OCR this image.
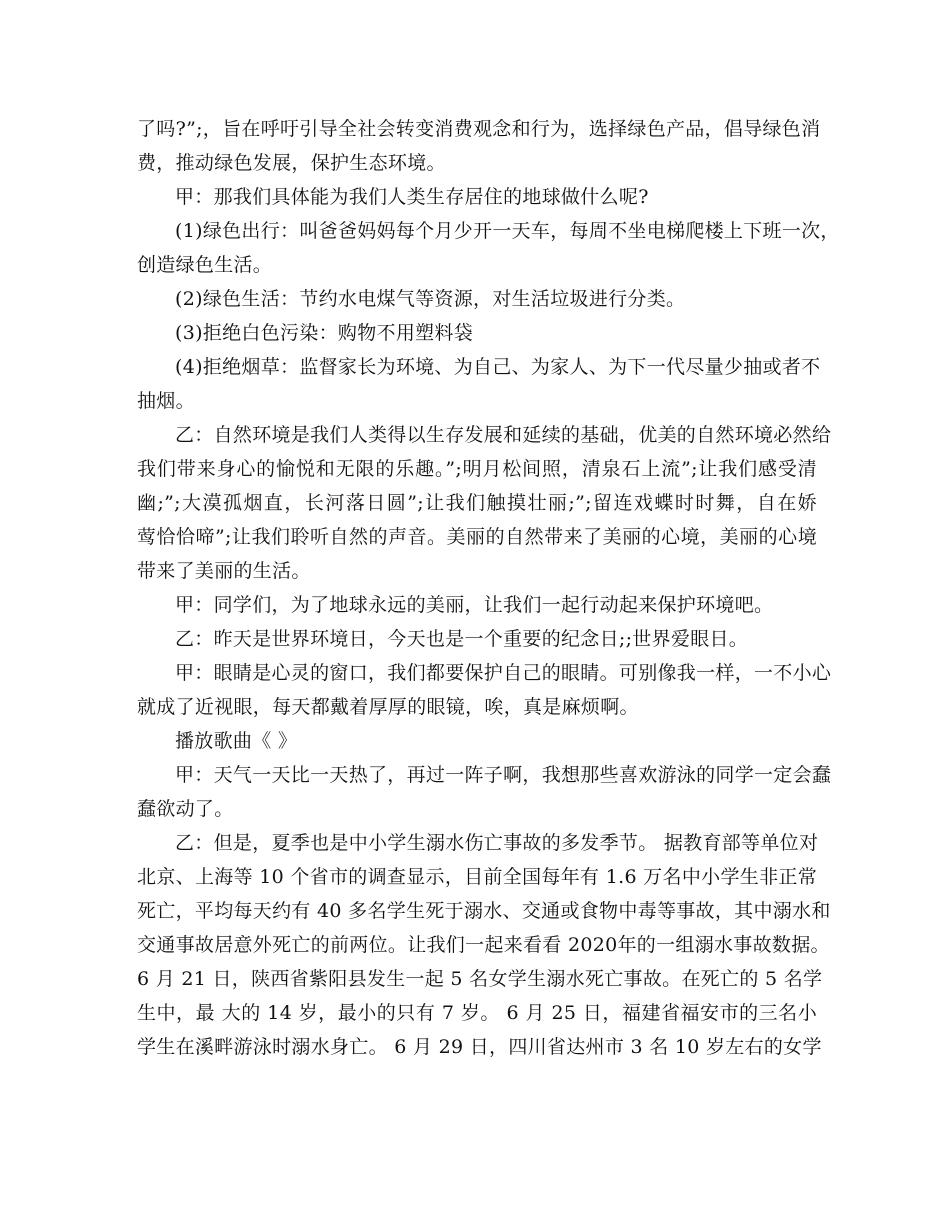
了吗?”;，旨在呼吁引导全社会转变消费观念和行为，选择绿色产品，倡导绿色消
费，推动绿色发展，保护生态环境。
甲：那我们具体能为我们人类生存居住的地球做什么呢?
(1)绿色出行：叫爸爸妈妈每个月少开一天车，每周不坐电梯爬楼上下班一次，
创造绿色生活。
(2)绿色生活：节约水电煤气等资源，对生活垃圾进行分类。
(3)拒绝白色污染：购物不用塑料袋
(4)拒绝烟草：监督家长为环境、为自己、为家人、为下一代尽量少抽或者不
抽烟。
乙：自然环境是我们人类得以生存发展和延续的基础，优美的自然环境必然给
我们带来身心的愉悦和无限的乐趣。”;明月松间照，清泉石上流”;让我们感受清
幽;”;大漠孤烟直，长河落日圆”;让我们触摸壮丽;”;留连戏蝶时时舞，自在娇
莺恰恰啼”;让我们聆听自然的声音。美丽的自然带来了美丽的心境，美丽的心境
带来了美丽的生活。
甲：同学们，为了地球永远的美丽，让我们一起行动起来保护环境吧。
乙：昨天是世界环境日，今天也是一个重要的纪念日;;世界爱眼日。
甲：眼睛是心灵的窗口，我们都要保护自己的眼睛。可别像我一样，一不小心
就成了近视眼，每天都戴着厚厚的眼镜，唉，真是麻烦啊。
播放歌曲《 》
甲：天气一天比一天热了，再过一阵子啊，我想那些喜欢游泳的同学一定会蠢
蠢欲动了。
乙：但是，夏季也是中小学生溺水伤亡事故的多发季节。 据教育部等单位对
北京、上海等 10 个省市的调查显示，目前全国每年有 1.6 万名中小学生非正常
死亡，平均每天约有 40 多名学生死于溺水、交通或食物中毒等事故，其中溺水和
交通事故居意外死亡的前两位。让我们一起来看看 2020年的一组溺水事故数据。
6 月 21 日，陕西省紫阳县发生一起 5 名女学生溺水死亡事故。在死亡的 5 名学
生中，最 大的 14 岁，最小的只有 7 岁。 6 月 25 日，福建省福安市的三名小
学生在溪畔游泳时溺水身亡。 6 月 29 日，四川省达州市 3 名 10 岁左右的女学
